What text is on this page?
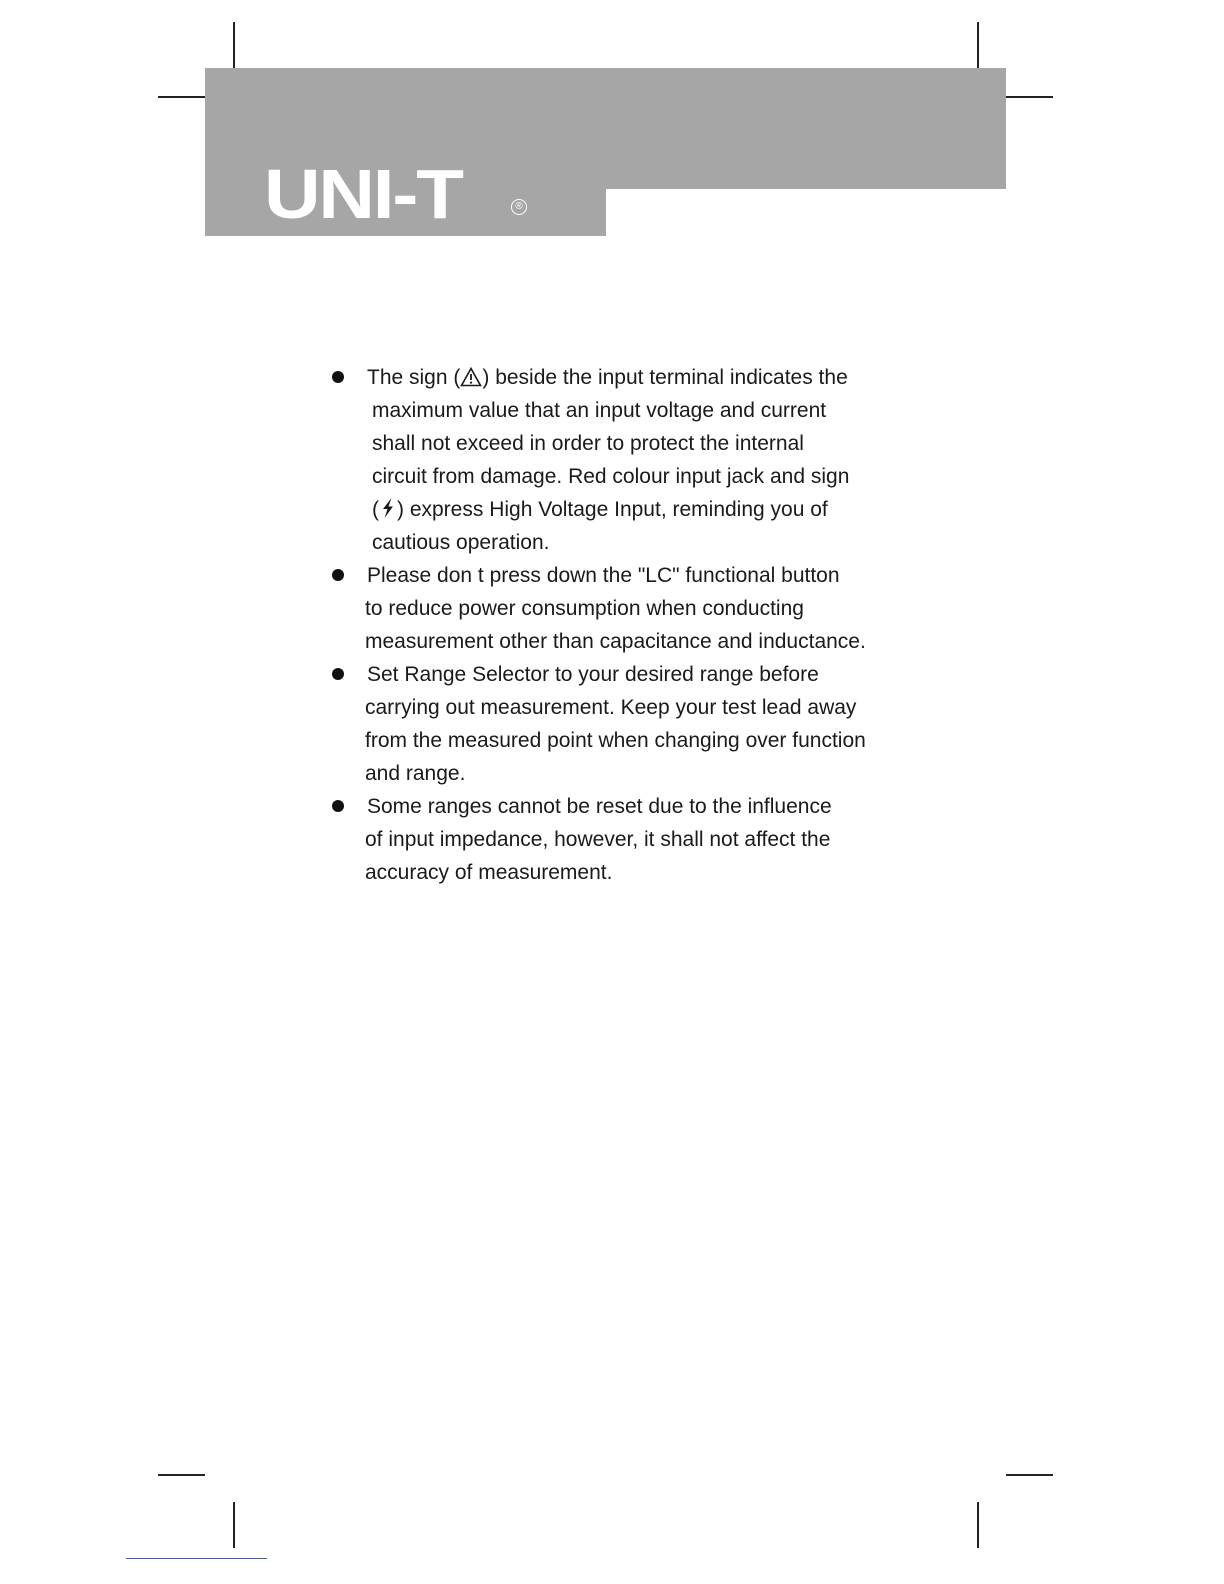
UNI-T	®
The sign ( ) beside the input terminal indicates the
maximum value that an input voltage and current
shall not exceed in order to protect the internal
circuit from damage. Red colour input jack and sign
( ) express High Voltage Input, reminding you of
cautious operation.
Please don t press down the "LC" functional button
to reduce power consumption when conducting
measurement other than capacitance and inductance.
Set Range Selector to your desired range before
carrying out measurement. Keep your test lead away
from the measured point when changing over function
and range.
Some ranges cannot be reset due to the influence
of input impedance, however, it shall not affect the
accuracy of measurement.
